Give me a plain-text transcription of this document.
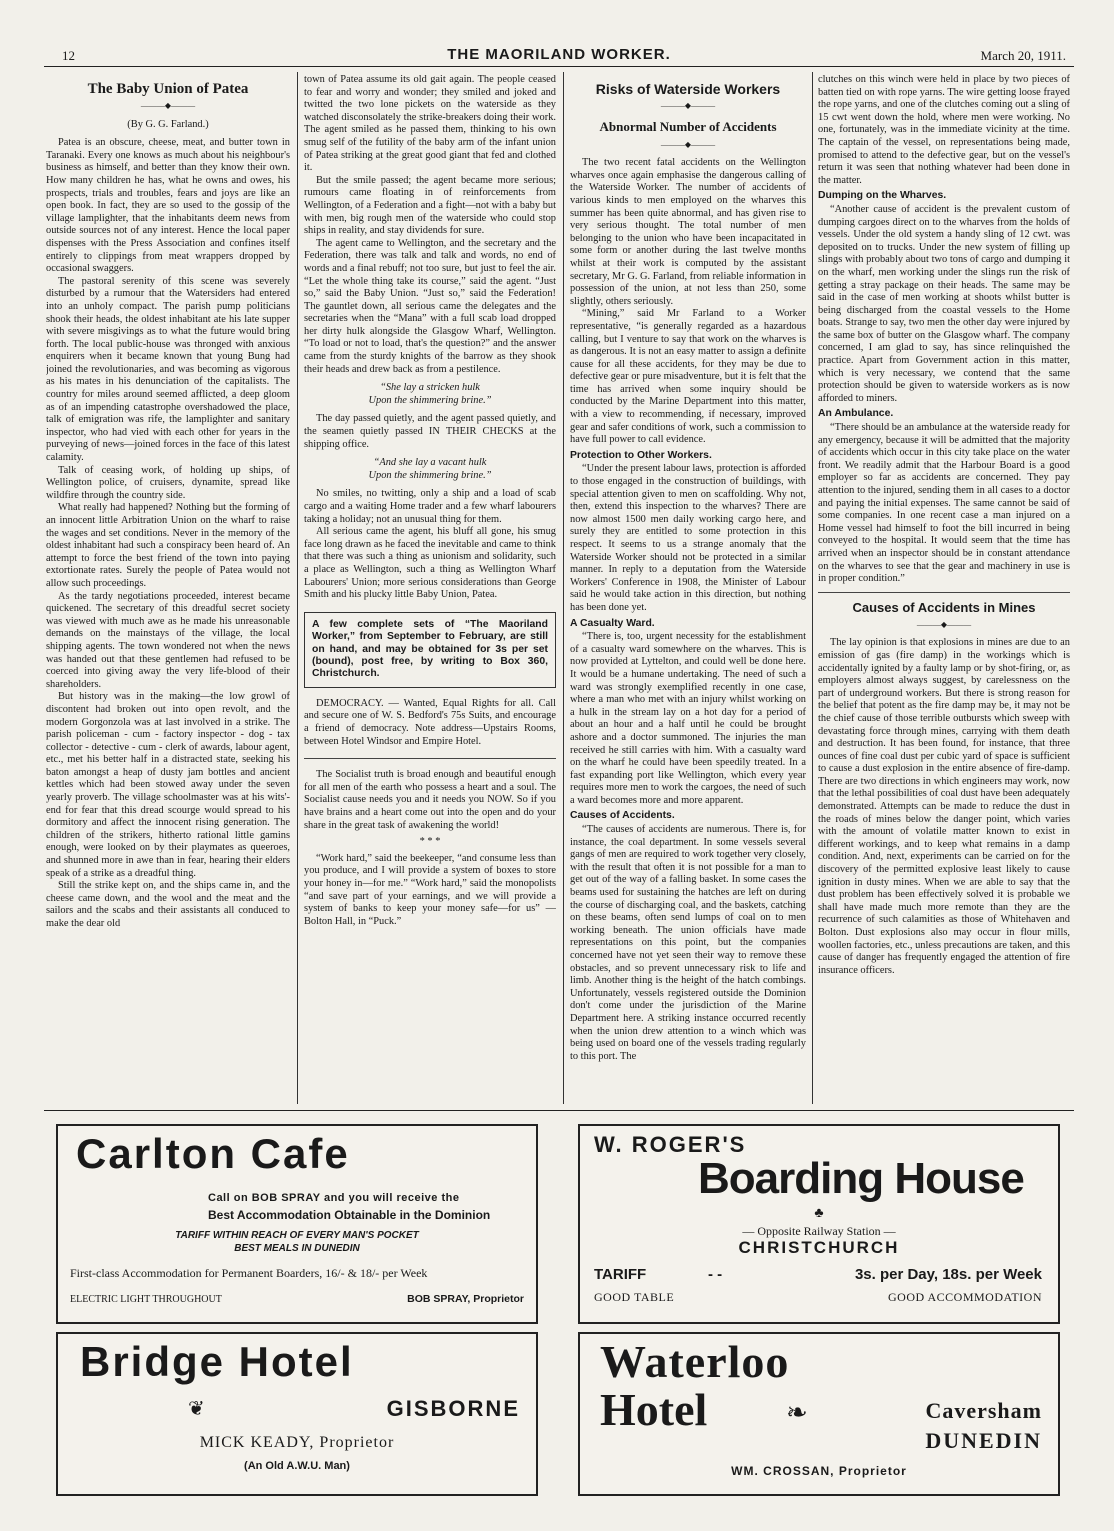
12	THE MAORILAND WORKER.	March 20, 1911.
The Baby Union of Patea
———◆———
(By G. G. Farland.)

Patea is an obscure, cheese, meat, and butter town in Taranaki. Every one knows as much about his neighbour's business as himself, and better than they know their own. How many children he has, what he owns and owes, his prospects, trials and troubles, fears and joys are like an open book. In fact, they are so used to the gossip of the village lamplighter, that the inhabitants deem news from outside sources not of any interest. Hence the local paper dispenses with the Press Association and confines itself entirely to clippings from meat wrappers dropped by occasional swaggers.

The pastoral serenity of this scene was severely disturbed by a rumour that the Watersiders had entered into an unholy compact. The parish pump politicians shook their heads, the oldest inhabitant ate his late supper with severe misgivings as to what the future would bring forth. The local public-house was thronged with anxious enquirers when it became known that young Bung had joined the revolutionaries, and was becoming as vigorous as his mates in his denunciation of the capitalists. The country for miles around seemed afflicted, a deep gloom as of an impending catastrophe overshadowed the place, talk of emigration was rife, the lamplighter and sanitary inspector, who had vied with each other for years in the purveying of news—joined forces in the face of this latest calamity.

Talk of ceasing work, of holding up ships, of Wellington police, of cruisers, dynamite, spread like wildfire through the country side.

What really had happened? Nothing but the forming of an innocent little Arbitration Union on the wharf to raise the wages and set conditions. Never in the memory of the oldest inhabitant had such a conspiracy been heard of. An attempt to force the best friend of the town into paying extortionate rates. Surely the people of Patea would not allow such proceedings.

As the tardy negotiations proceeded, interest became quickened. The secretary of this dreadful secret society was viewed with much awe as he made his unreasonable demands on the mainstays of the village, the local shipping agents. The town wondered not when the news was handed out that these gentlemen had refused to be coerced into giving away the very life-blood of their shareholders.

But history was in the making—the low growl of discontent had broken out into open revolt, and the modern Gorgonzola was at last involved in a strike. The parish policeman - cum - factory inspector - dog - tax collector - detective - cum - clerk of awards, labour agent, etc., met his better half in a distracted state, seeking his baton amongst a heap of dusty jam bottles and ancient kettles which had been stowed away under the seven yearly proverb. The village schoolmaster was at his wits'-end for fear that this dread scourge would spread to his dormitory and affect the innocent rising generation. The children of the strikers, hitherto rational little gamins enough, were looked on by their playmates as queeroes, and shunned more in awe than in fear, hearing their elders speak of a strike as a dreadful thing.

Still the strike kept on, and the ships came in, and the cheese came down, and the wool and the meat and the sailors and the scabs and their assistants all conduced to make the dear old

town of Patea assume its old gait again. The people ceased to fear and worry and wonder; they smiled and joked and twitted the two lone pickets on the waterside as they watched disconsolately the strike-breakers doing their work. The agent smiled as he passed them, thinking to his own smug self of the futility of the baby arm of the infant union of Patea striking at the great good giant that fed and clothed it.

But the smile passed; the agent became more serious; rumours came floating in of reinforcements from Wellington, of a Federation and a fight—not with a baby but with men, big rough men of the waterside who could stop ships in reality, and stay dividends for sure.

The agent came to Wellington, and the secretary and the Federation, there was talk and talk and words, no end of words and a final rebuff; not too sure, but just to feel the air. “Let the whole thing take its course,” said the agent. “Just so,” said the Baby Union. “Just so,” said the Federation! The gauntlet down, all serious came the delegates and the secretaries when the “Mana” with a full scab load dropped her dirty hulk alongside the Glasgow Wharf, Wellington. “To load or not to load, that's the question?” and the answer came from the sturdy knights of the barrow as they shook their heads and drew back as from a pestilence.

“She lay a stricken hulk
Upon the shimmering brine.”

The day passed quietly, and the agent passed quietly, and the seamen quietly passed IN THEIR CHECKS at the shipping office.

“And she lay a vacant hulk
Upon the shimmering brine.”

No smiles, no twitting, only a ship and a load of scab cargo and a waiting Home trader and a few wharf labourers taking a holiday; not an unusual thing for them.

All serious came the agent, his bluff all gone, his smug face long drawn as he faced the inevitable and came to think that there was such a thing as unionism and solidarity, such a place as Wellington, such a thing as Wellington Wharf Labourers' Union; more serious considerations than George Smith and his plucky little Baby Union, Patea.

A few complete sets of “The Maoriland Worker,” from September to February, are still on hand, and may be obtained for 3s per set (bound), post free, by writing to Box 360, Christchurch.

DEMOCRACY. — Wanted, Equal Rights for all. Call and secure one of W. S. Bedford's 75s Suits, and encourage a friend of democracy. Note address—Upstairs Rooms, between Hotel Windsor and Empire Hotel.

The Socialist truth is broad enough and beautiful enough for all men of the earth who possess a heart and a soul. The Socialist cause needs you and it needs you NOW. So if you have brains and a heart come out into the open and do your share in the great task of awakening the world!

* * *

“Work hard,” said the beekeeper, “and consume less than you produce, and I will provide a system of boxes to store your honey in—for me.” “Work hard,” said the monopolists “and save part of your earnings, and we will provide a system of banks to keep your money safe—for us” — Bolton Hall, in “Puck.”

Risks of Waterside Workers
———◆———
Abnormal Number of Accidents
———◆———

The two recent fatal accidents on the Wellington wharves once again emphasise the dangerous calling of the Waterside Worker. The number of accidents of various kinds to men employed on the wharves this summer has been quite abnormal, and has given rise to very serious thought. The total number of men belonging to the union who have been incapacitated in some form or another during the last twelve months whilst at their work is computed by the assistant secretary, Mr G. G. Farland, from reliable information in possession of the union, at not less than 250, some slightly, others seriously.

“Mining,” said Mr Farland to a Worker representative, “is generally regarded as a hazardous calling, but I venture to say that work on the wharves is as dangerous. It is not an easy matter to assign a definite cause for all these accidents, for they may be due to defective gear or pure misadventure, but it is felt that the time has arrived when some inquiry should be conducted by the Marine Department into this matter, with a view to recommending, if necessary, improved gear and safer conditions of work, such a commission to have full power to call evidence.

Protection to Other Workers.

“Under the present labour laws, protection is afforded to those engaged in the construction of buildings, with special attention given to men on scaffolding. Why not, then, extend this inspection to the wharves? There are now almost 1500 men daily working cargo here, and surely they are entitled to some protection in this respect. It seems to us a strange anomaly that the Waterside Worker should not be protected in a similar manner. In reply to a deputation from the Waterside Workers' Conference in 1908, the Minister of Labour said he would take action in this direction, but nothing has been done yet.

A Casualty Ward.

“There is, too, urgent necessity for the establishment of a casualty ward somewhere on the wharves. This is now provided at Lyttelton, and could well be done here. It would be a humane undertaking. The need of such a ward was strongly exemplified recently in one case, where a man who met with an injury whilst working on a hulk in the stream lay on a hot day for a period of about an hour and a half until he could be brought ashore and a doctor summoned. The injuries the man received he still carries with him. With a casualty ward on the wharf he could have been speedily treated. In a fast expanding port like Wellington, which every year requires more men to work the cargoes, the need of such a ward becomes more and more apparent.

Causes of Accidents.

“The causes of accidents are numerous. There is, for instance, the coal department. In some vessels several gangs of men are required to work together very closely, with the result that often it is not possible for a man to get out of the way of a falling basket. In some cases the beams used for sustaining the hatches are left on during the course of discharging coal, and the baskets, catching on these beams, often send lumps of coal on to men working beneath. The union officials have made representations on this point, but the companies concerned have not yet seen their way to remove these obstacles, and so prevent unnecessary risk to life and limb. Another thing is the height of the hatch combings. Unfortunately, vessels registered outside the Dominion don't come under the jurisdiction of the Marine Department here. A striking instance occurred recently when the union drew attention to a winch which was being used on board one of the vessels trading regularly to this port. The

clutches on this winch were held in place by two pieces of batten tied on with rope yarns. The wire getting loose frayed the rope yarns, and one of the clutches coming out a sling of 15 cwt went down the hold, where men were working. No one, fortunately, was in the immediate vicinity at the time. The captain of the vessel, on representations being made, promised to attend to the defective gear, but on the vessel's return it was seen that nothing whatever had been done in the matter.

Dumping on the Wharves.

“Another cause of accident is the prevalent custom of dumping cargoes direct on to the wharves from the holds of vessels. Under the old system a handy sling of 12 cwt. was deposited on to trucks. Under the new system of filling up slings with probably about two tons of cargo and dumping it on the wharf, men working under the slings run the risk of getting a stray package on their heads. The same may be said in the case of men working at shoots whilst butter is being discharged from the coastal vessels to the Home boats. Strange to say, two men the other day were injured by the same box of butter on the Glasgow wharf. The company concerned, I am glad to say, has since relinquished the practice. Apart from Government action in this matter, which is very necessary, we contend that the same protection should be given to waterside workers as is now afforded to miners.

An Ambulance.

“There should be an ambulance at the waterside ready for any emergency, because it will be admitted that the majority of accidents which occur in this city take place on the water front. We readily admit that the Harbour Board is a good employer so far as accidents are concerned. They pay attention to the injured, sending them in all cases to a doctor and paying the initial expenses. The same cannot be said of some companies. In one recent case a man injured on a Home vessel had himself to foot the bill incurred in being conveyed to the hospital. It would seem that the time has arrived when an inspector should be in constant attendance on the wharves to see that the gear and machinery in use is in proper condition.”

Causes of Accidents in Mines
———◆———

The lay opinion is that explosions in mines are due to an emission of gas (fire damp) in the workings which is accidentally ignited by a faulty lamp or by shot-firing, or, as employers almost always suggest, by carelessness on the part of underground workers. But there is strong reason for the belief that potent as the fire damp may be, it may not be the chief cause of those terrible outbursts which sweep with devastating force through mines, carrying with them death and destruction. It has been found, for instance, that three ounces of fine coal dust per cubic yard of space is sufficient to cause a dust explosion in the entire absence of fire-damp. There are two directions in which engineers may work, now that the lethal possibilities of coal dust have been adequately demonstrated. Attempts can be made to reduce the dust in the roads of mines below the danger point, which varies with the amount of volatile matter known to exist in different workings, and to keep what remains in a damp condition. And, next, experiments can be carried on for the discovery of the permitted explosive least likely to cause ignition in dusty mines. When we are able to say that the dust problem has been effectively solved it is probable we shall have made much more remote than they are the recurrence of such calamities as those of Whitehaven and Bolton. Dust explosions also may occur in flour mills, woollen factories, etc., unless precautions are taken, and this cause of danger has frequently engaged the attention of fire insurance officers.

Carlton Cafe
Call on BOB SPRAY and you will receive the
Best Accommodation Obtainable in the Dominion
TARIFF WITHIN REACH OF EVERY MAN'S POCKET
BEST MEALS IN DUNEDIN
First-class Accommodation for Permanent Boarders, 16/- & 18/- per Week
ELECTRIC LIGHT THROUGHOUT	BOB SPRAY, Proprietor
W. ROGER'S
Boarding House
♣
— Opposite Railway Station —
CHRISTCHURCH
TARIFF	- -	3s. per Day, 18s. per Week
GOOD TABLE	GOOD ACCOMMODATION
Bridge Hotel
❦	GISBORNE
MICK KEADY, Proprietor
(An Old A.W.U. Man)
Waterloo
Hotel	❧	Caversham
DUNEDIN
WM. CROSSAN, Proprietor
